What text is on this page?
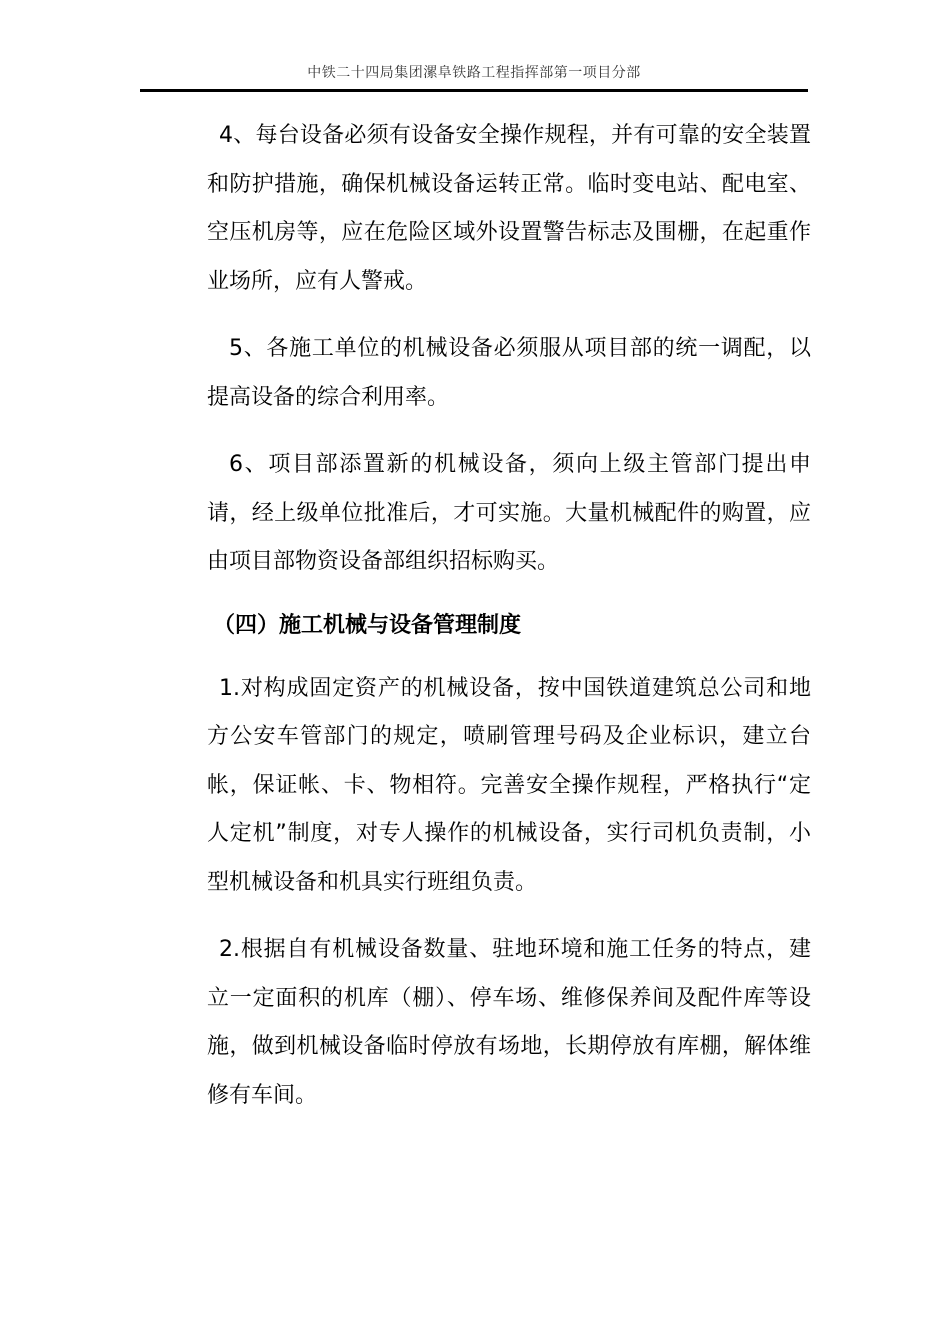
中铁二十四局集团漯阜铁路工程指挥部第一项目分部

4、每台设备必须有设备安全操作规程，并有可靠的安全装置和防护措施，确保机械设备运转正常。临时变电站、配电室、空压机房等，应在危险区域外设置警告标志及围栅，在起重作业场所，应有人警戒。

5、各施工单位的机械设备必须服从项目部的统一调配，以提高设备的综合利用率。

6、项目部添置新的机械设备，须向上级主管部门提出申请，经上级单位批准后，才可实施。大量机械配件的购置，应由项目部物资设备部组织招标购买。

（四）施工机械与设备管理制度

1.对构成固定资产的机械设备，按中国铁道建筑总公司和地方公安车管部门的规定，喷刷管理号码及企业标识，建立台帐，保证帐、卡、物相符。完善安全操作规程，严格执行“定人定机”制度，对专人操作的机械设备，实行司机负责制，小型机械设备和机具实行班组负责。

2.根据自有机械设备数量、驻地环境和施工任务的特点，建立一定面积的机库（棚）、停车场、维修保养间及配件库等设施，做到机械设备临时停放有场地，长期停放有库棚，解体维修有车间。
